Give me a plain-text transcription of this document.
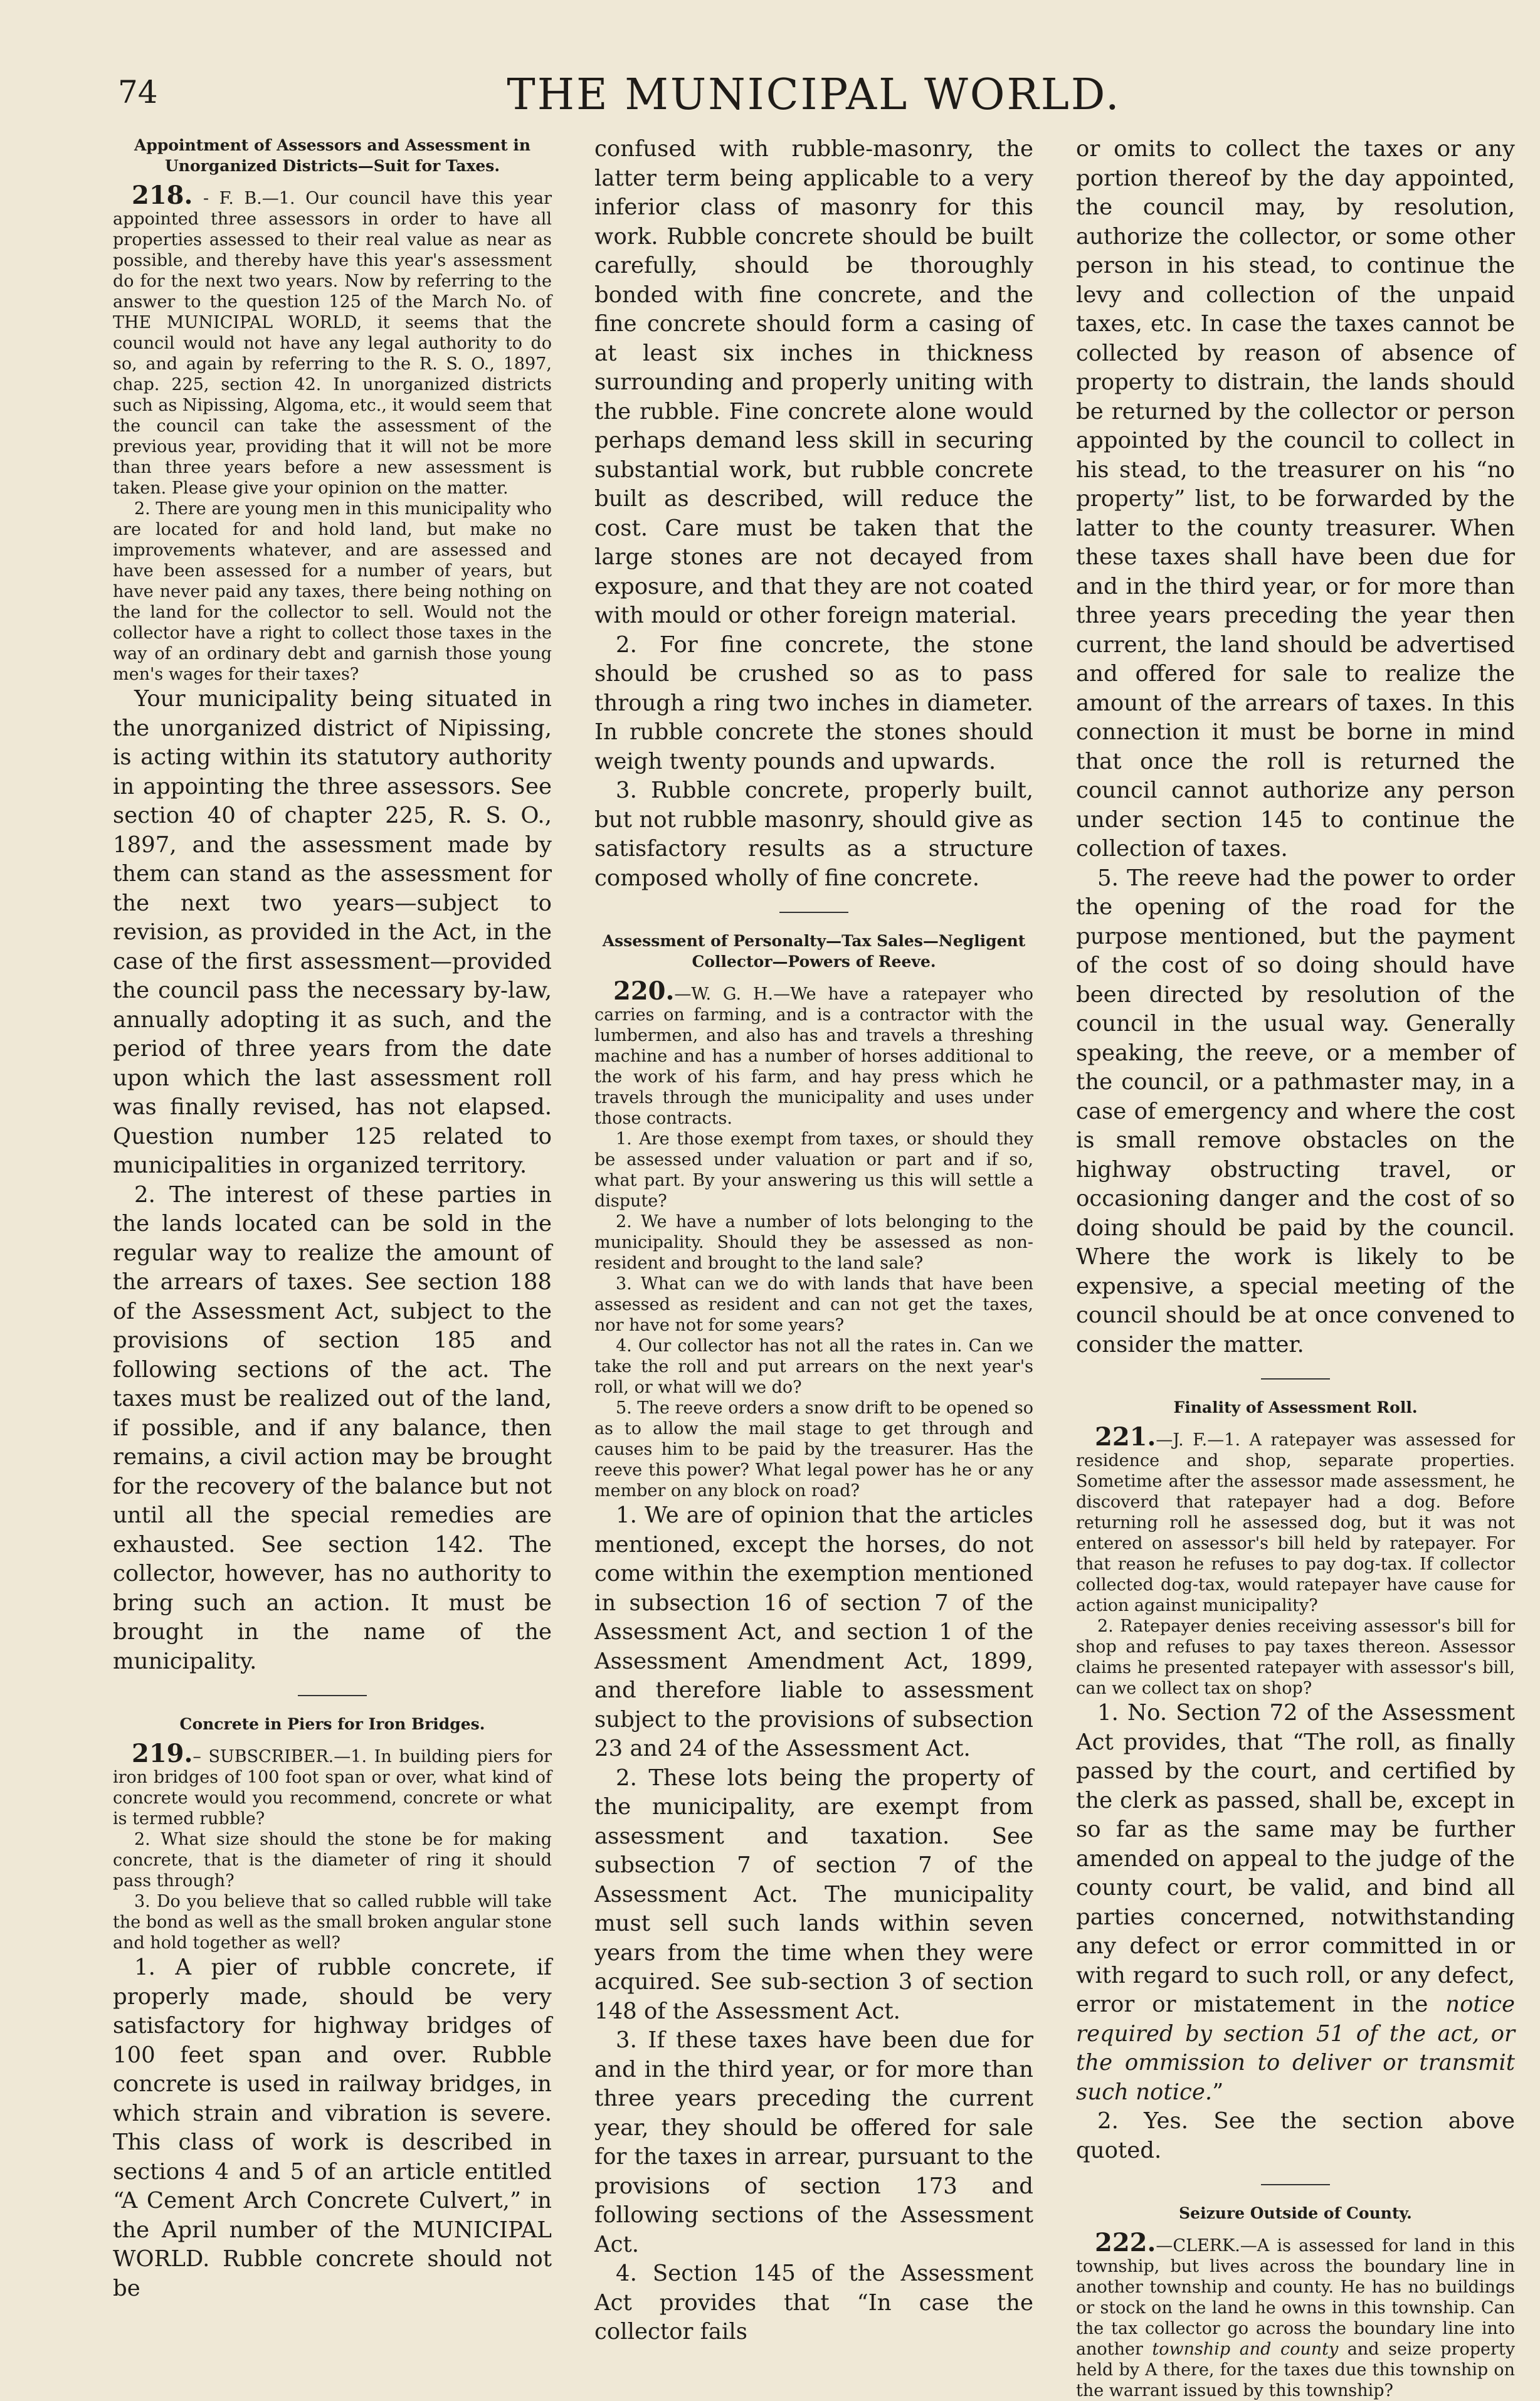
74	THE MUNICIPAL WORLD.

Appointment of Assessors and Assessment in Unorganized Districts—Suit for Taxes.

218. - F. B.—1. Our council have this year appointed three assessors in order to have all properties assessed to their real value as near as possible, and thereby have this year's assessment do for the next two years. Now by referring to the answer to the question 125 of the March No. of THE MUNICIPAL WORLD, it seems that the council would not have any legal authority to do so, and again by referring to the R. S. O., 1897, chap. 225, section 42. In unorganized districts such as Nipissing, Algoma, etc., it would seem that the council can take the assessment of the previous year, providing that it will not be more than three years before a new assessment is taken. Please give your opinion on the matter.

2. There are young men in this municipality who are located for and hold land, but make no improvements whatever, and are assessed and have been assessed for a number of years, but have never paid any taxes, there being nothing on the land for the collector to sell. Would not the collector have a right to collect those taxes in the way of an ordinary debt and garnish those young men's wages for their taxes?

Your municipality being situated in the unorganized district of Nipissing, is acting within its statutory authority in appointing the three assessors. See section 40 of chapter 225, R. S. O., 1897, and the assessment made by them can stand as the assessment for the next two years—subject to revision, as provided in the Act, in the case of the first assessment—provided the council pass the necessary by-law, annually adopting it as such, and the period of three years from the date upon which the last assessment roll was finally revised, has not elapsed. Question number 125 related to municipalities in organized territory.

2. The interest of these parties in the lands located can be sold in the regular way to realize the amount of the arrears of taxes. See section 188 of the Assessment Act, subject to the provisions of section 185 and following sections of the act. The taxes must be realized out of the land, if possible, and if any balance, then remains, a civil action may be brought for the recovery of the balance but not until all the special remedies are exhausted. See section 142. The collector, however, has no authority to bring such an action. It must be brought in the name of the municipality.

Concrete in Piers for Iron Bridges.

219.– SUBSCRIBER.—1. In building piers for iron bridges of 100 foot span or over, what kind of concrete would you recommend, concrete or what is termed rubble?

2. What size should the stone be for making concrete, that is the diameter of ring it should pass through?

3. Do you believe that so called rubble will take the bond as well as the small broken angular stone and hold together as well?

1. A pier of rubble concrete, if properly made, should be very satisfactory for highway bridges of 100 feet span and over. Rubble concrete is used in railway bridges, in which strain and vibration is severe. This class of work is described in sections 4 and 5 of an article entitled “A Cement Arch Concrete Culvert,” in the April number of the MUNICIPAL WORLD. Rubble concrete should not be

confused with rubble-masonry, the latter term being applicable to a very inferior class of masonry for this work. Rubble concrete should be built carefully, should be thoroughly bonded with fine concrete, and the fine concrete should form a casing of at least six inches in thickness surrounding and properly uniting with the rubble. Fine concrete alone would perhaps demand less skill in securing substantial work, but rubble concrete built as described, will reduce the cost. Care must be taken that the large stones are not decayed from exposure, and that they are not coated with mould or other foreign material.

2. For fine concrete, the stone should be crushed so as to pass through a ring two inches in diameter. In rubble concrete the stones should weigh twenty pounds and upwards.

3. Rubble concrete, properly built, but not rubble masonry, should give as satisfactory results as a structure composed wholly of fine concrete.

Assessment of Personalty—Tax Sales—Negligent Collector—Powers of Reeve.

220.—W. G. H.—We have a ratepayer who carries on farming, and is a contractor with the lumbermen, and also has and travels a threshing machine and has a number of horses additional to the work of his farm, and hay press which he travels through the municipality and uses under those contracts.

1. Are those exempt from taxes, or should they be assessed under valuation or part and if so, what part. By your answering us this will settle a dispute?

2. We have a number of lots belonging to the municipality. Should they be assessed as non-resident and brought to the land sale?

3. What can we do with lands that have been assessed as resident and can not get the taxes, nor have not for some years?

4. Our collector has not all the rates in. Can we take the roll and put arrears on the next year's roll, or what will we do?

5. The reeve orders a snow drift to be opened so as to allow the mail stage to get through and causes him to be paid by the treasurer. Has the reeve this power? What legal power has he or any member on any block on road?

1. We are of opinion that the articles mentioned, except the horses, do not come within the exemption mentioned in subsection 16 of section 7 of the Assessment Act, and section 1 of the Assessment Amendment Act, 1899, and therefore liable to assessment subject to the provisions of subsection 23 and 24 of the Assessment Act.

2. These lots being the property of the municipality, are exempt from assessment and taxation. See subsection 7 of section 7 of the Assessment Act. The municipality must sell such lands within seven years from the time when they were acquired. See sub-section 3 of section 148 of the Assessment Act.

3. If these taxes have been due for and in the third year, or for more than three years preceding the current year, they should be offered for sale for the taxes in arrear, pursuant to the provisions of section 173 and following sections of the Assessment Act.

4. Section 145 of the Assessment Act provides that “In case the collector fails

or omits to collect the taxes or any portion thereof by the day appointed, the council may, by resolution, authorize the collector, or some other person in his stead, to continue the levy and collection of the unpaid taxes, etc. In case the taxes cannot be collected by reason of absence of property to distrain, the lands should be returned by the collector or person appointed by the council to collect in his stead, to the treasurer on his “no property” list, to be forwarded by the latter to the county treasurer. When these taxes shall have been due for and in the third year, or for more than three years preceding the year then current, the land should be advertised and offered for sale to realize the amount of the arrears of taxes. In this connection it must be borne in mind that once the roll is returned the council cannot authorize any person under section 145 to continue the collection of taxes.

5. The reeve had the power to order the opening of the road for the purpose mentioned, but the payment of the cost of so doing should have been directed by resolution of the council in the usual way. Generally speaking, the reeve, or a member of the council, or a pathmaster may, in a case of emergency and where the cost is small remove obstacles on the highway obstructing travel, or occasioning danger and the cost of so doing should be paid by the council. Where the work is likely to be expensive, a special meeting of the council should be at once convened to consider the matter.

Finality of Assessment Roll.

221.—J. F.—1. A ratepayer was assessed for residence and shop, separate properties. Sometime after the assessor made assessment, he discoverd that ratepayer had a dog. Before returning roll he assessed dog, but it was not entered on assessor's bill held by ratepayer. For that reason he refuses to pay dog-tax. If collector collected dog-tax, would ratepayer have cause for action against municipality?

2. Ratepayer denies receiving assessor's bill for shop and refuses to pay taxes thereon. Assessor claims he presented ratepayer with assessor's bill, can we collect tax on shop?

1. No. Section 72 of the Assessment Act provides, that “The roll, as finally passed by the court, and certified by the clerk as passed, shall be, except in so far as the same may be further amended on appeal to the judge of the county court, be valid, and bind all parties concerned, notwithstanding any defect or error committed in or with regard to such roll, or any defect, error or mistatement in the notice required by section 51 of the act, or the ommission to deliver or transmit such notice.”

2. Yes. See the section above quoted.

Seizure Outside of County.

222.—CLERK.—A is assessed for land in this township, but lives across the boundary line in another township and county. He has no buildings or stock on the land he owns in this township. Can the tax collector go across the boundary line into another township and county and seize property held by A there, for the taxes due this township on the warrant issued by this township?
